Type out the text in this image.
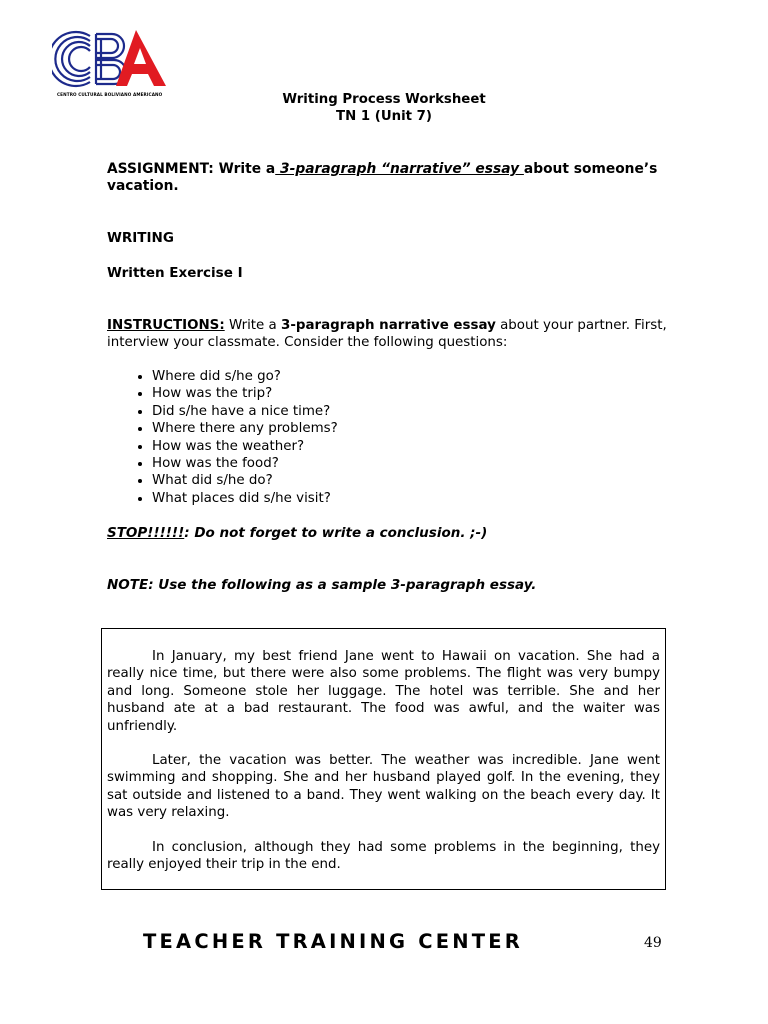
CENTRO CULTURAL BOLIVIANO AMERICANO	Writing Process Worksheet
TN 1 (Unit 7)
ASSIGNMENT: Write a 3-paragraph “narrative” essay about someone’s vacation.
WRITING
Written Exercise I
INSTRUCTIONS: Write a 3-paragraph narrative essay about your partner. First, interview your classmate. Consider the following questions:
• Where did s/he go?
• How was the trip?
• Did s/he have a nice time?
• Where there any problems?
• How was the weather?
• How was the food?
• What did s/he do?
• What places did s/he visit?
STOP!!!!!!: Do not forget to write a conclusion. ;-)
NOTE: Use the following as a sample 3-paragraph essay.

In January, my best friend Jane went to Hawaii on vacation. She had a really nice time, but there were also some problems. The flight was very bumpy and long. Someone stole her luggage. The hotel was terrible. She and her husband ate at a bad restaurant. The food was awful, and the waiter was unfriendly.

Later, the vacation was better. The weather was incredible. Jane went swimming and shopping. She and her husband played golf. In the evening, they sat outside and listened to a band. They went walking on the beach every day. It was very relaxing.

In conclusion, although they had some problems in the beginning, they really enjoyed their trip in the end.

TEACHER TRAINING CENTER	49
